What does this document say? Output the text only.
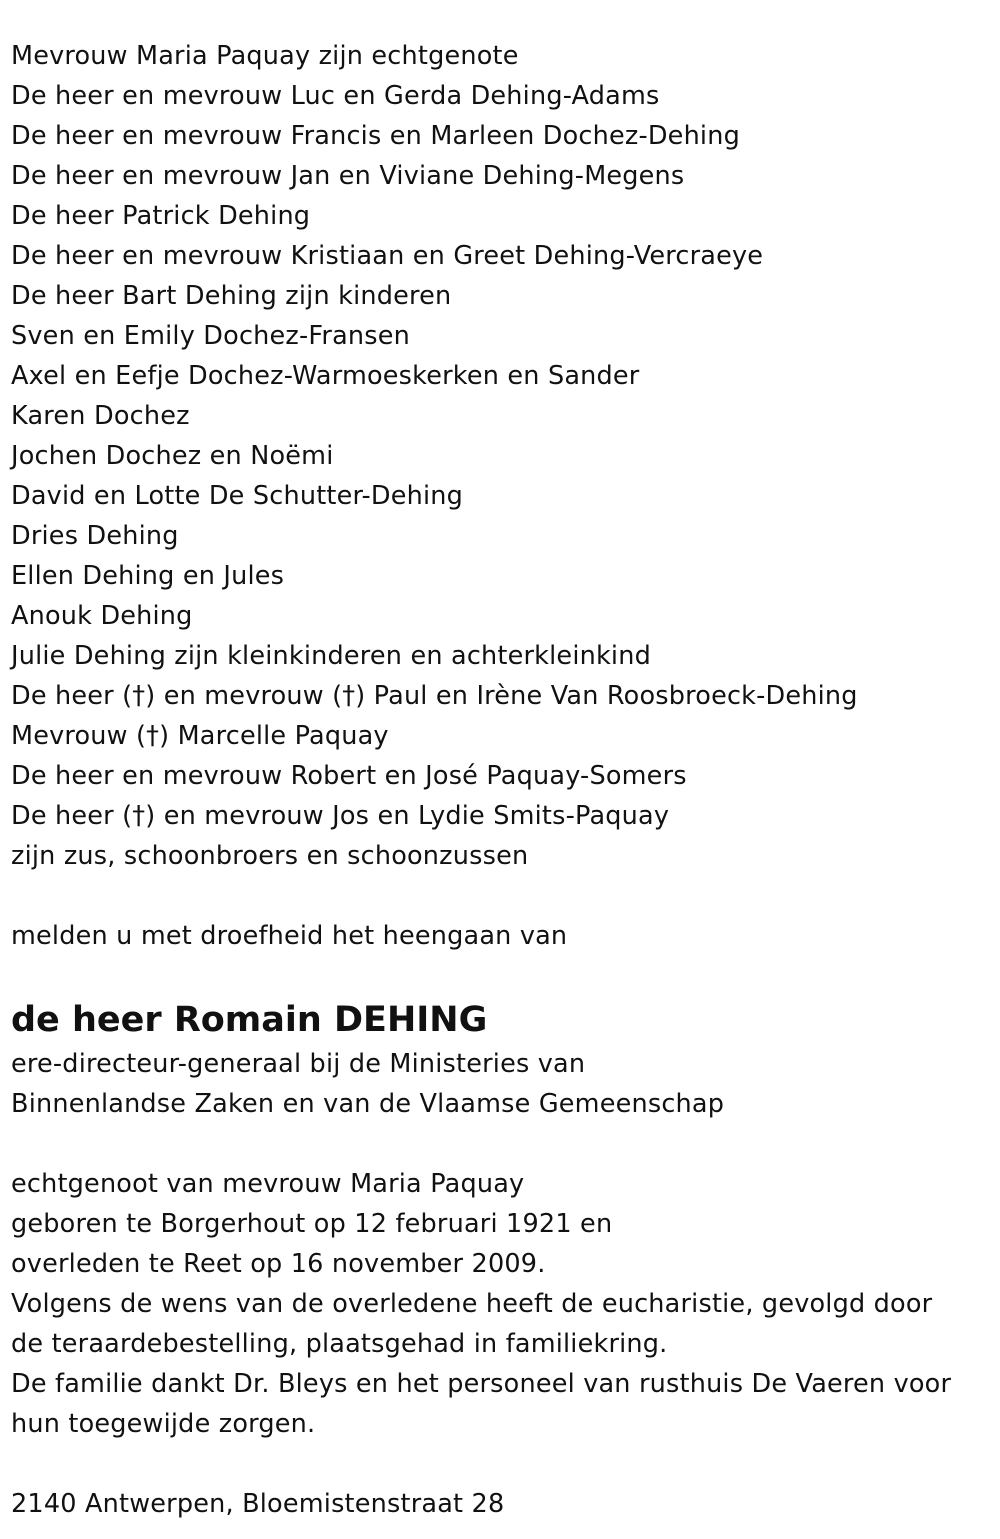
Mevrouw Maria Paquay zijn echtgenote
De heer en mevrouw Luc en Gerda Dehing-Adams
De heer en mevrouw Francis en Marleen Dochez-Dehing
De heer en mevrouw Jan en Viviane Dehing-Megens
De heer Patrick Dehing
De heer en mevrouw Kristiaan en Greet Dehing-Vercraeye
De heer Bart Dehing zijn kinderen
Sven en Emily Dochez-Fransen
Axel en Eefje Dochez-Warmoeskerken en Sander
Karen Dochez
Jochen Dochez en Noëmi
David en Lotte De Schutter-Dehing
Dries Dehing
Ellen Dehing en Jules
Anouk Dehing
Julie Dehing zijn kleinkinderen en achterkleinkind
De heer (†) en mevrouw (†) Paul en Irène Van Roosbroeck-Dehing
Mevrouw (†) Marcelle Paquay
De heer en mevrouw Robert en José Paquay-Somers
De heer (†) en mevrouw Jos en Lydie Smits-Paquay
zijn zus, schoonbroers en schoonzussen
melden u met droefheid het heengaan van
de heer Romain DEHING
ere-directeur-generaal bij de Ministeries van
Binnenlandse Zaken en van de Vlaamse Gemeenschap
echtgenoot van mevrouw Maria Paquay
geboren te Borgerhout op 12 februari 1921 en
overleden te Reet op 16 november 2009.
Volgens de wens van de overledene heeft de eucharistie, gevolgd door
de teraardebestelling, plaatsgehad in familiekring.
De familie dankt Dr. Bleys en het personeel van rusthuis De Vaeren voor
hun toegewijde zorgen.
2140 Antwerpen, Bloemistenstraat 28
